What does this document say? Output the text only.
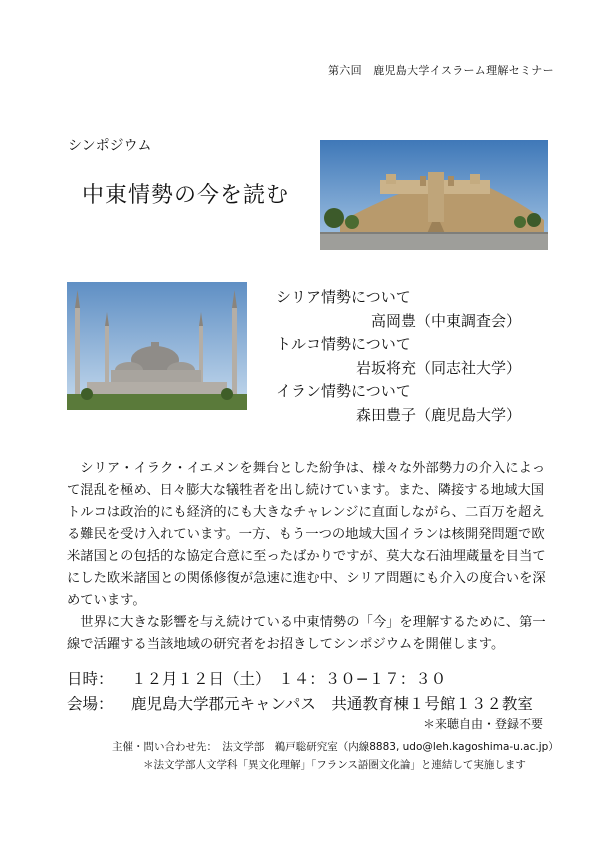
第六回　鹿児島大学イスラーム理解セミナー
シンポジウム
中東情勢の今を読む
シリア情勢について
高岡豊（中東調査会）
トルコ情勢について
岩坂将充（同志社大学）
イラン情勢について
森田豊子（鹿児島大学）

シリア・イラク・イエメンを舞台とした紛争は、様々な外部勢力の介入によって混乱を極め、日々膨大な犠牲者を出し続けています。また、隣接する地域大国トルコは政治的にも経済的にも大きなチャレンジに直面しながら、二百万を超える難民を受け入れています。一方、もう一つの地域大国イランは核開発問題で欧米諸国との包括的な協定合意に至ったばかりですが、莫大な石油埋蔵量を目当てにした欧米諸国との関係修復が急速に進む中、シリア問題にも介入の度合いを深めています。

世界に大きな影響を与え続けている中東情勢の「今」を理解するために、第一線で活躍する当該地域の研究者をお招きしてシンポジウムを開催します。

日時： １２月１２日（土）　１４：３０−１７：３０
会場： 鹿児島大学郡元キャンパス　共通教育棟１号館１３２教室
＊来聴自由・登録不要
主催・問い合わせ先：　法文学部　鵜戸聡研究室（内線8883, udo@leh.kagoshima-u.ac.jp）
＊法文学部人文学科「異文化理解」「フランス語圏文化論」と連結して実施します
